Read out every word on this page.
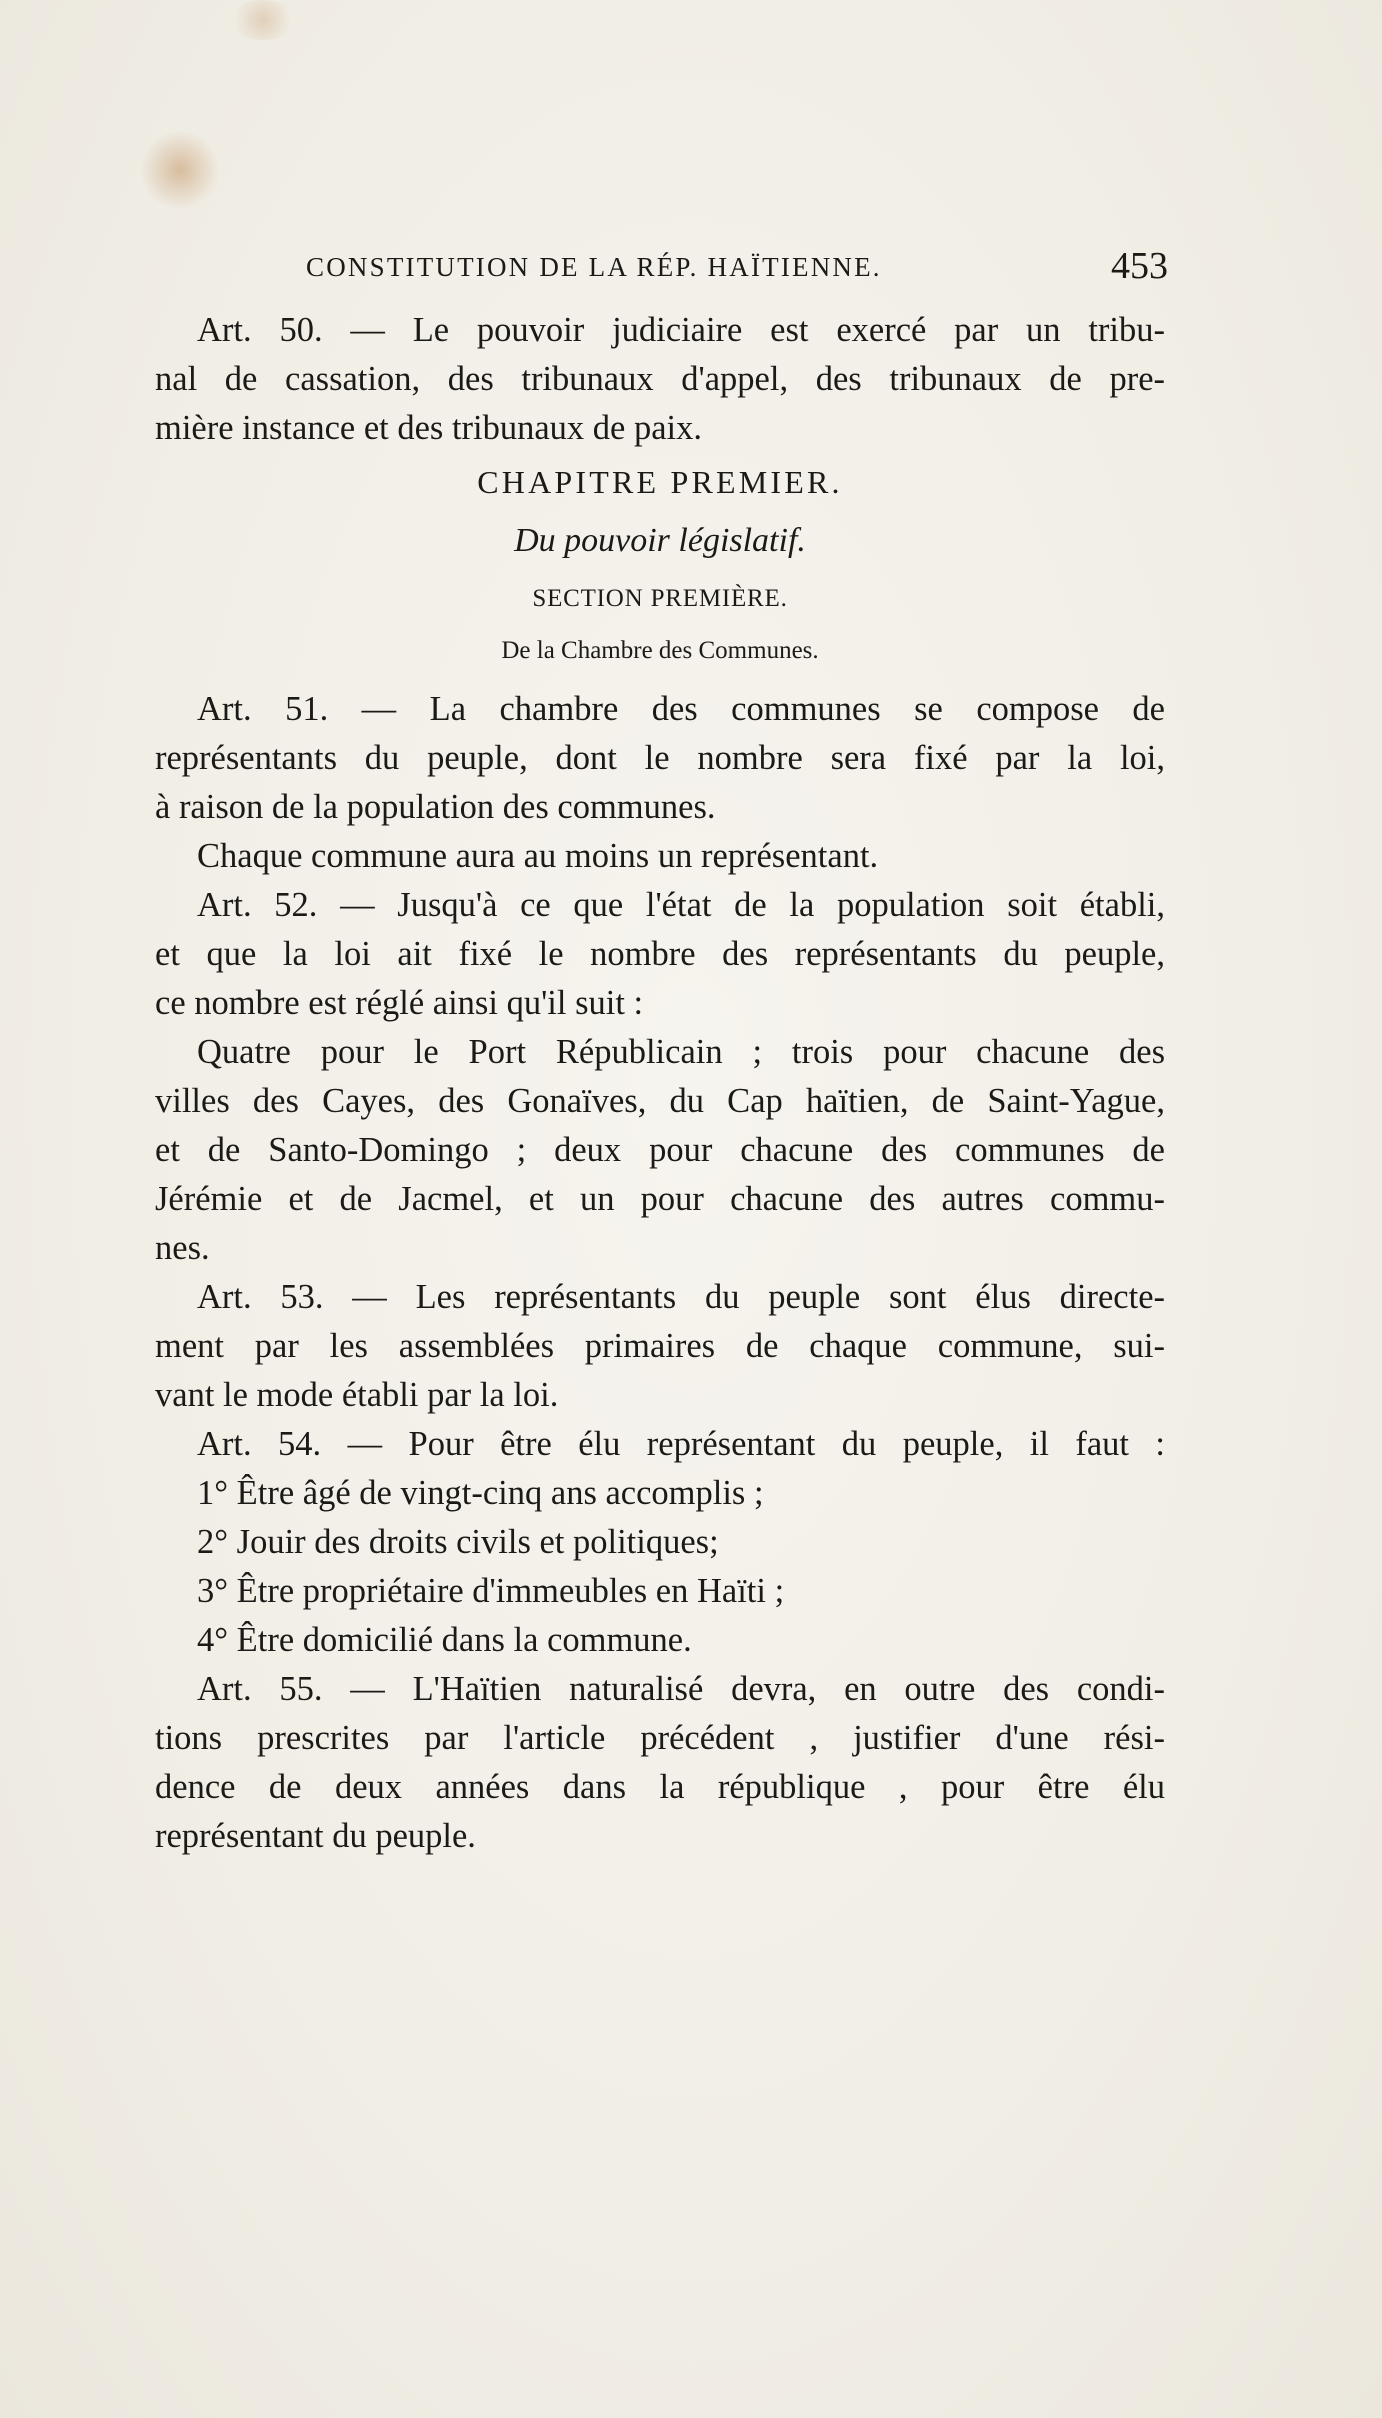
CONSTITUTION DE LA RÉP. HAÏTIENNE.	453
Art. 50. — Le pouvoir judiciaire est exercé par un tribu-
nal de cassation, des tribunaux d'appel, des tribunaux de pre-
mière instance et des tribunaux de paix.
CHAPITRE PREMIER.
Du pouvoir législatif.
SECTION PREMIÈRE.
De la Chambre des Communes.
Art. 51. — La chambre des communes se compose de
représentants du peuple, dont le nombre sera fixé par la loi,
à raison de la population des communes.
Chaque commune aura au moins un représentant.
Art. 52. — Jusqu'à ce que l'état de la population soit établi,
et que la loi ait fixé le nombre des représentants du peuple,
ce nombre est réglé ainsi qu'il suit :
Quatre pour le Port Républicain ; trois pour chacune des
villes des Cayes, des Gonaïves, du Cap haïtien, de Saint-Yague,
et de Santo-Domingo ; deux pour chacune des communes de
Jérémie et de Jacmel, et un pour chacune des autres commu-
nes.
Art. 53. — Les représentants du peuple sont élus directe-
ment par les assemblées primaires de chaque commune, sui-
vant le mode établi par la loi.
Art. 54. — Pour être élu représentant du peuple, il faut :
1° Être âgé de vingt-cinq ans accomplis ;
2° Jouir des droits civils et politiques;
3° Être propriétaire d'immeubles en Haïti ;
4° Être domicilié dans la commune.
Art. 55. — L'Haïtien naturalisé devra, en outre des condi-
tions prescrites par l'article précédent , justifier d'une rési-
dence de deux années dans la république , pour être élu
représentant du peuple.
